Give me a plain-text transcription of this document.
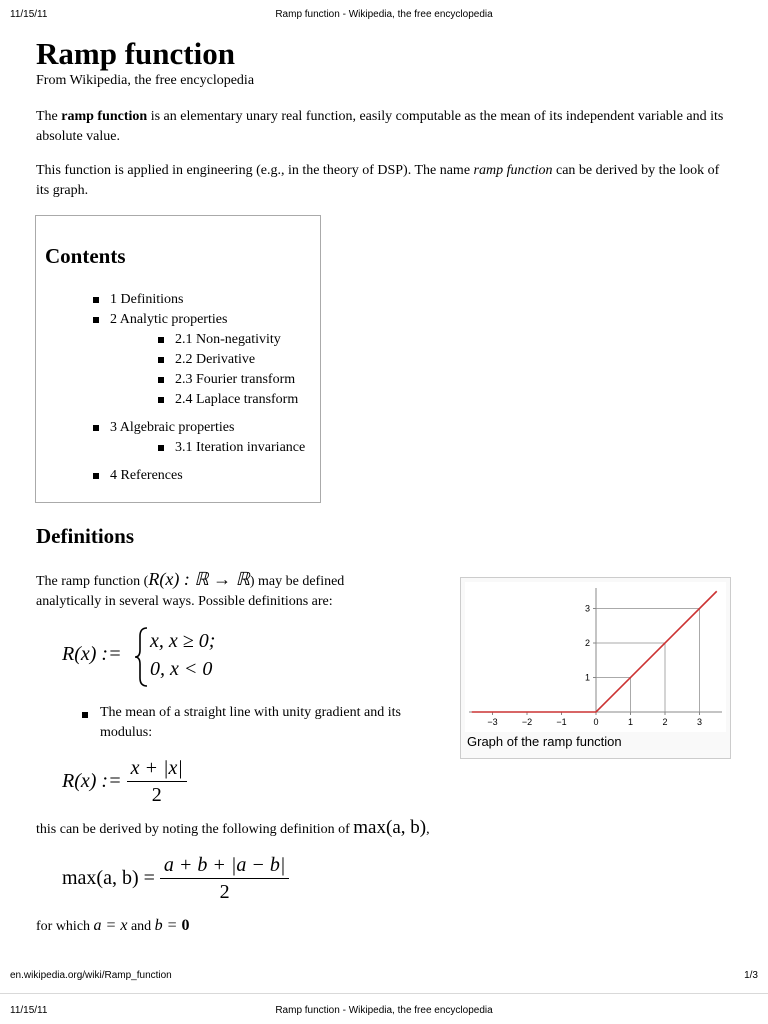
11/15/11	Ramp function - Wikipedia, the free encyclopedia
Ramp function
From Wikipedia, the free encyclopedia

The ramp function is an elementary unary real function, easily computable as the mean of its independent variable and its absolute value.

This function is applied in engineering (e.g., in the theory of DSP). The name ramp function can be derived by the look of its graph.

Contents
1 Definitions
2 Analytic properties
2.1 Non-negativity
2.2 Derivative
2.3 Fourier transform
2.4 Laplace transform
3 Algebraic properties
3.1 Iteration invariance
4 References
Definitions
The ramp function (R(x) : ℝ → ℝ) may be defined
analytically in several ways. Possible definitions are:
R(x) :=
x, x ≥ 0;
0, x < 0
The mean of a straight line with unity gradient and its modulus:
R(x) := $\frac{x + |x|}{2}$
this can be derived by noting the following definition of max(a, b),
max(a, $b) = \frac{a + b + |a - b|}{2}$
for which a = x and b = 0
−3	−2	−1	0	1	2	3
1
2
3
Graph of the ramp function
en.wikipedia.org/wiki/Ramp_function	1/3
11/15/11	Ramp function - Wikipedia, the free encyclopedia
